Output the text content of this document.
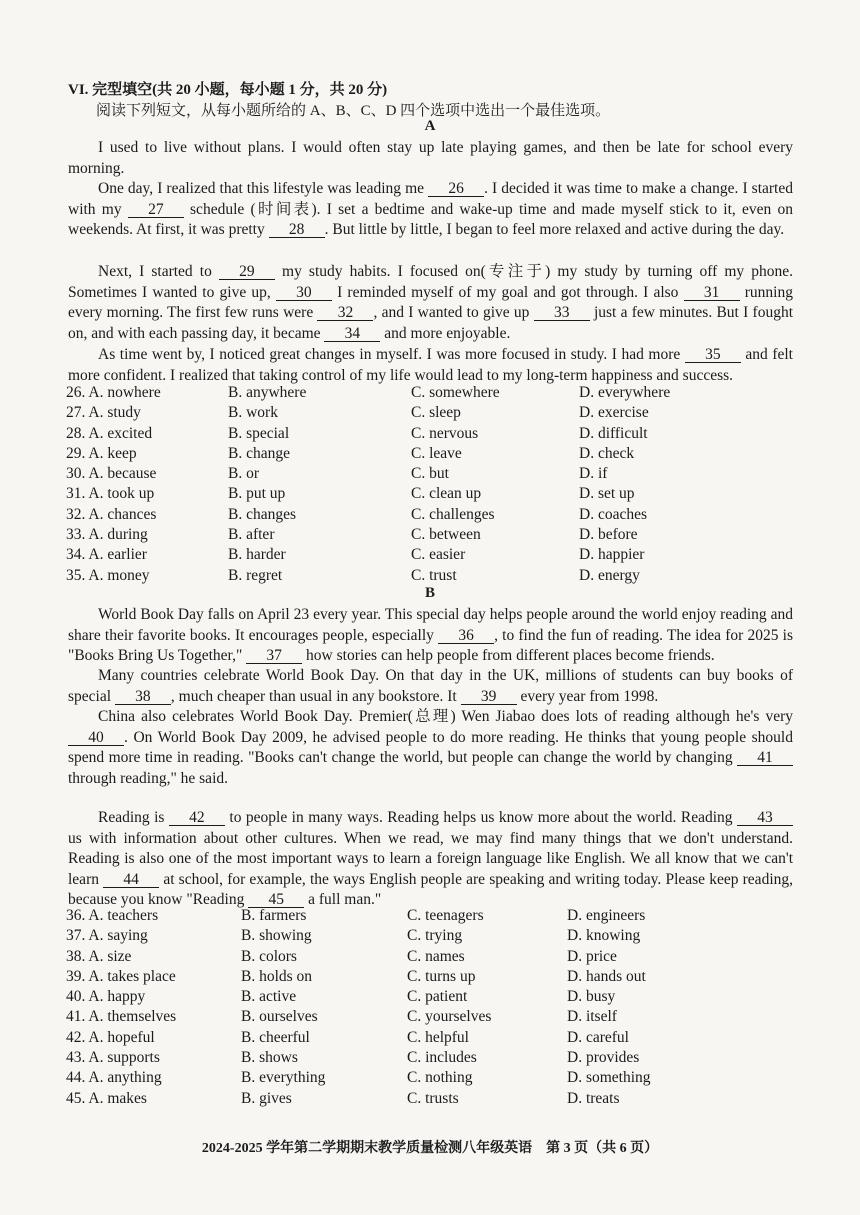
VI. 完型填空(共 20 小题，每小题 1 分，共 20 分)
阅读下列短文，从每小题所给的 A、B、C、D 四个选项中选出一个最佳选项。
A
I used to live without plans. I would often stay up late playing games, and then be late for school every morning.
One day, I realized that this lifestyle was leading me 26 . I decided it was time to make a change. I started with my 27 schedule (时间表). I set a bedtime and wake-up time and made myself stick to it, even on weekends. At first, it was pretty 28 . But little by little, I began to feel more relaxed and active during the day.
Next, I started to 29 my study habits. I focused on(专注于) my study by turning off my phone. Sometimes I wanted to give up, 30 I reminded myself of my goal and got through. I also 31 running every morning. The first few runs were 32 , and I wanted to give up 33 just a few minutes. But I fought on, and with each passing day, it became 34 and more enjoyable.
As time went by, I noticed great changes in myself. I was more focused in study. I had more 35 and felt more confident. I realized that taking control of my life would lead to my long-term happiness and success.
26. A. nowhere	B. anywhere	C. somewhere	D. everywhere
27. A. study	B. work	C. sleep	D. exercise
28. A. excited	B. special	C. nervous	D. difficult
29. A. keep	B. change	C. leave	D. check
30. A. because	B. or	C. but	D. if
31. A. took up	B. put up	C. clean up	D. set up
32. A. chances	B. changes	C. challenges	D. coaches
33. A. during	B. after	C. between	D. before
34. A. earlier	B. harder	C. easier	D. happier
35. A. money	B. regret	C. trust	D. energy
B
World Book Day falls on April 23 every year. This special day helps people around the world enjoy reading and share their favorite books. It encourages people, especially 36 , to find the fun of reading. The idea for 2025 is "Books Bring Us Together," 37 how stories can help people from different places become friends.
Many countries celebrate World Book Day. On that day in the UK, millions of students can buy books of special 38 , much cheaper than usual in any bookstore. It 39 every year from 1998.
China also celebrates World Book Day. Premier(总理) Wen Jiabao does lots of reading although he's very 40 . On World Book Day 2009, he advised people to do more reading. He thinks that young people should spend more time in reading. "Books can't change the world, but people can change the world by changing 41 through reading," he said.
Reading is 42 to people in many ways. Reading helps us know more about the world. Reading 43 us with information about other cultures. When we read, we may find many things that we don't understand. Reading is also one of the most important ways to learn a foreign language like English. We all know that we can't learn 44 at school, for example, the ways English people are speaking and writing today. Please keep reading, because you know "Reading 45 a full man."
36. A. teachers	B. farmers	C. teenagers	D. engineers
37. A. saying	B. showing	C. trying	D. knowing
38. A. size	B. colors	C. names	D. price
39. A. takes place	B. holds on	C. turns up	D. hands out
40. A. happy	B. active	C. patient	D. busy
41. A. themselves	B. ourselves	C. yourselves	D. itself
42. A. hopeful	B. cheerful	C. helpful	D. careful
43. A. supports	B. shows	C. includes	D. provides
44. A. anything	B. everything	C. nothing	D. something
45. A. makes	B. gives	C. trusts	D. treats
2024-2025 学年第二学期期末教学质量检测八年级英语　第 3 页（共 6 页）
